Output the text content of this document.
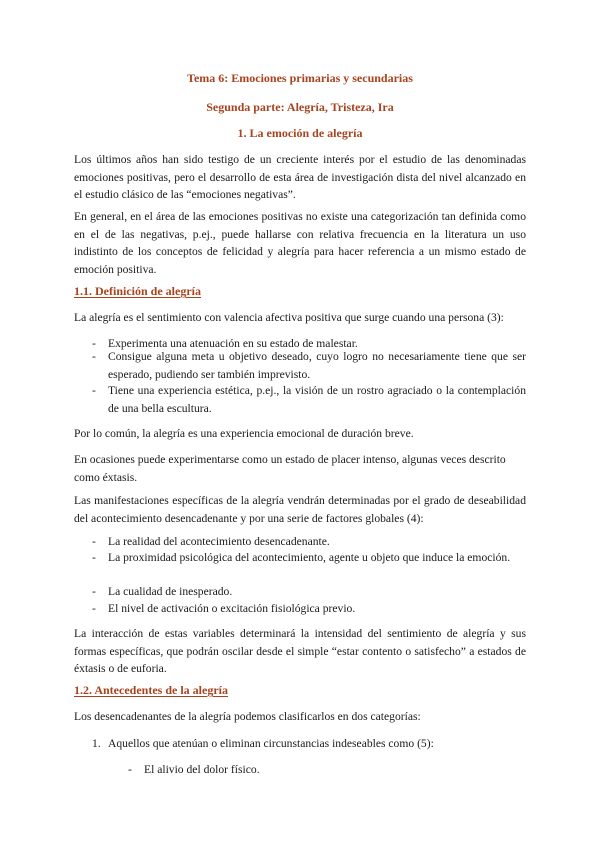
Tema 6: Emociones primarias y secundarias
Segunda parte: Alegría, Tristeza, Ira
1. La emoción de alegría
Los últimos años han sido testigo de un creciente interés por el estudio de las denominadas emociones positivas, pero el desarrollo de esta área de investigación dista del nivel alcanzado en el estudio clásico de las “emociones negativas”.
En general, en el área de las emociones positivas no existe una categorización tan definida como en el de las negativas, p.ej., puede hallarse con relativa frecuencia en la literatura un uso indistinto de los conceptos de felicidad y alegría para hacer referencia a un mismo estado de emoción positiva.
1.1. Definición de alegría
La alegría es el sentimiento con valencia afectiva positiva que surge cuando una persona (3):
-	Experimenta una atenuación en su estado de malestar.
-	Consigue alguna meta u objetivo deseado, cuyo logro no necesariamente tiene que ser esperado, pudiendo ser también imprevisto.
-	Tiene una experiencia estética, p.ej., la visión de un rostro agraciado o la contemplación de una bella escultura.
Por lo común, la alegría es una experiencia emocional de duración breve.
En ocasiones puede experimentarse como un estado de placer intenso, algunas veces descrito como éxtasis.
Las manifestaciones específicas de la alegría vendrán determinadas por el grado de deseabilidad del acontecimiento desencadenante y por una serie de factores globales (4):
-	La realidad del acontecimiento desencadenante.
-	La proximidad psicológica del acontecimiento, agente u objeto que induce la emoción.
-	La cualidad de inesperado.
-	El nivel de activación o excitación fisiológica previo.
La interacción de estas variables determinará la intensidad del sentimiento de alegría y sus formas específicas, que podrán oscilar desde el simple “estar contento o satisfecho” a estados de éxtasis o de euforia.
1.2. Antecedentes de la alegría
Los desencadenantes de la alegría podemos clasificarlos en dos categorías:
1. Aquellos que atenúan o eliminan circunstancias indeseables como (5):
- El alivio del dolor físico.
